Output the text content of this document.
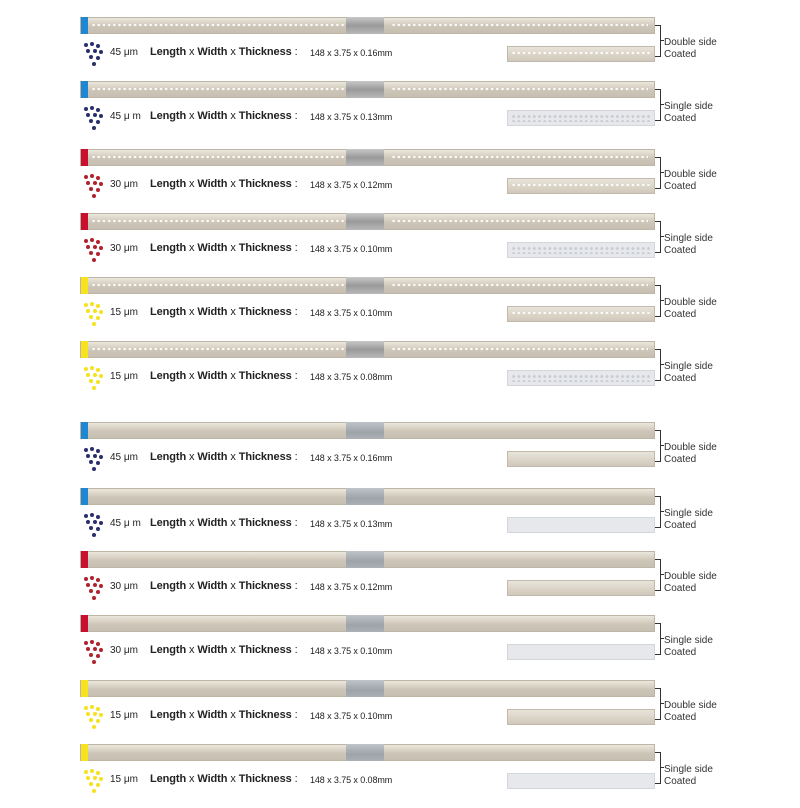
45 μm Length x Width x Thickness : 148 x 3.75 x 0.16mm
Double side
Coated
45 μ m Length x Width x Thickness : 148 x 3.75 x 0.13mm
Single side
Coated
30 μm Length x Width x Thickness : 148 x 3.75 x 0.12mm
Double side
Coated
30 μm Length x Width x Thickness : 148 x 3.75 x 0.10mm
Single side
Coated
15 μm Length x Width x Thickness : 148 x 3.75 x 0.10mm
Double side
Coated
15 μm Length x Width x Thickness : 148 x 3.75 x 0.08mm
Single side
Coated
45 μm Length x Width x Thickness : 148 x 3.75 x 0.16mm
Double side
Coated
45 μ m Length x Width x Thickness : 148 x 3.75 x 0.13mm
Single side
Coated
30 μm Length x Width x Thickness : 148 x 3.75 x 0.12mm
Double side
Coated
30 μm Length x Width x Thickness : 148 x 3.75 x 0.10mm
Single side
Coated
15 μm Length x Width x Thickness : 148 x 3.75 x 0.10mm
Double side
Coated
15 μm Length x Width x Thickness : 148 x 3.75 x 0.08mm
Single side
Coated
